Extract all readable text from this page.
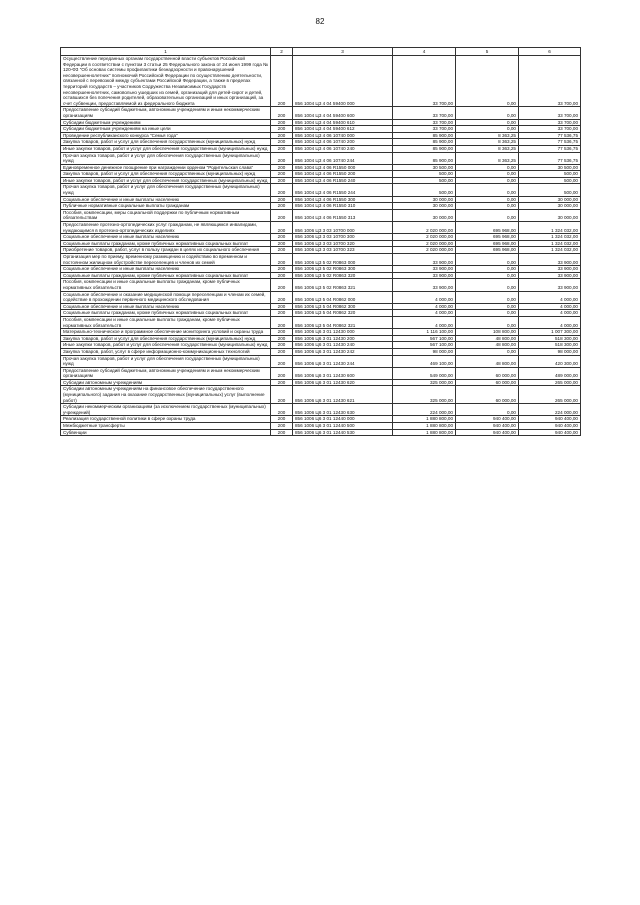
82
1	2	3	4	5	6
Осуществление переданных органам государственной власти субъектов Российской Федерации в соответствии с пунктом 3 статьи 25 Федерального закона от 24 июня 1999 года № 120-ФЗ "Об основах системы профилактики безнадзорности и правонарушений несовершеннолетних" полномочий Российской Федерации по осуществлению деятельности, связанной с перевозкой между субъектами Российской Федерации, а также в пределах территорий государств – участников Содружества Независимых Государств несовершеннолетних, самовольно ушедших из семей, организаций для детей-сирот и детей, оставшихся без попечения родителей, образовательных организаций и иных организаций, за счет субвенции, предоставляемой из федерального бюджета	200	856 1004 Ц3 4 04 59400 000	33 700,00	0,00	33 700,00
Предоставление субсидий бюджетным, автономным учреждениям и иным некоммерческим организациям	200	856 1004 Ц3 4 04 59400 600	33 700,00	0,00	33 700,00
Субсидии бюджетным учреждениям	200	856 1004 Ц3 4 04 59400 610	33 700,00	0,00	33 700,00
Субсидии бюджетным учреждениям на иные цели	200	856 1004 Ц3 4 04 59400 612	33 700,00	0,00	33 700,00
Проведение республиканского конкурса "Семья года"	200	856 1004 Ц3 4 06 10740 000	85 900,00	8 363,25	77 536,75
Закупка товаров, работ и услуг для обеспечения государственных (муниципальных) нужд	200	856 1004 Ц3 4 06 10740 200	85 900,00	8 363,25	77 536,75
Иные закупки товаров, работ и услуг для обеспечения государственных (муниципальных) нужд	200	856 1004 Ц3 4 06 10740 240	85 900,00	8 363,25	77 536,75
Прочая закупка товаров, работ и услуг для обеспечения государственных (муниципальных) нужд	200	856 1004 Ц3 4 06 10740 244	85 900,00	8 363,25	77 536,75
Единовременное денежное поощрение при награждении орденом "Родительская слава"	200	856 1004 Ц3 4 06 R1550 000	30 500,00	0,00	30 500,00
Закупка товаров, работ и услуг для обеспечения государственных (муниципальных) нужд	200	856 1004 Ц3 4 06 R1550 200	500,00	0,00	500,00
Иные закупки товаров, работ и услуг для обеспечения государственных (муниципальных) нужд	200	856 1004 Ц3 4 06 R1550 240	500,00	0,00	500,00
Прочая закупка товаров, работ и услуг для обеспечения государственных (муниципальных) нужд	200	856 1004 Ц3 4 06 R1550 244	500,00	0,00	500,00
Социальное обеспечение и иные выплаты населению	200	856 1004 Ц3 4 06 R1550 300	30 000,00	0,00	30 000,00
Публичные нормативные социальные выплаты гражданам	200	856 1004 Ц3 4 06 R1550 310	30 000,00	0,00	30 000,00
Пособия, компенсации, меры социальной поддержки по публичным нормативным обязательствам	200	856 1004 Ц3 4 06 R1550 313	30 000,00	0,00	30 000,00
Предоставление протезно-ортопедических услуг гражданам, не являющимся инвалидами, нуждающимся в протезно-ортопедических изделиях	200	856 1006 Ц3 3 03 10700 000	2 020 000,00	695 968,00	1 324 032,00
Социальное обеспечение и иные выплаты населению	200	856 1006 Ц3 3 03 10700 300	2 020 000,00	695 968,00	1 324 032,00
Социальные выплаты гражданам, кроме публичных нормативных социальных выплат	200	856 1006 Ц3 3 03 10700 320	2 020 000,00	695 968,00	1 324 032,00
Приобретение товаров, работ, услуг в пользу граждан в целях их социального обеспечения	200	856 1006 Ц3 3 03 10700 323	2 020 000,00	695 968,00	1 324 032,00
Организация мер по приему, временному размещению и содействию во временном и постоянном жилищном обустройстве переселенцев и членов их семей	200	856 1006 Ц3 5 02 R0863 000	33 900,00	0,00	33 900,00
Социальное обеспечение и иные выплаты населению	200	856 1006 Ц3 5 02 R0863 300	33 900,00	0,00	33 900,00
Социальные выплаты гражданам, кроме публичных нормативных социальных выплат	200	856 1006 Ц3 5 02 R0863 320	33 900,00	0,00	33 900,00
Пособия, компенсации и иные социальные выплаты гражданам, кроме публичных нормативных обязательств	200	856 1006 Ц3 5 02 R0863 321	33 900,00	0,00	33 900,00
Социальное обеспечение и оказание медицинской помощи переселенцам и членам их семей, содействие в прохождении первичного медицинского обследования	200	856 1006 Ц3 5 04 R0862 000	4 000,00	0,00	4 000,00
Социальное обеспечение и иные выплаты населению	200	856 1006 Ц3 5 04 R0862 300	4 000,00	0,00	4 000,00
Социальные выплаты гражданам, кроме публичных нормативных социальных выплат	200	856 1006 Ц3 5 04 R0862 320	4 000,00	0,00	4 000,00
Пособия, компенсации и иные социальные выплаты гражданам, кроме публичных нормативных обязательств	200	856 1006 Ц3 5 04 R0862 321	4 000,00	0,00	4 000,00
Материально-техническое и программное обеспечение мониторинга условий и охраны труда	200	856 1006 Ц6 3 01 12430 000	1 116 100,00	108 800,00	1 007 300,00
Закупка товаров, работ и услуг для обеспечения государственных (муниципальных) нужд	200	856 1006 Ц6 3 01 12430 200	567 100,00	48 800,00	518 300,00
Иные закупки товаров, работ и услуг для обеспечения государственных (муниципальных) нужд	200	856 1006 Ц6 3 01 12430 240	567 100,00	48 800,00	518 300,00
Закупка товаров, работ, услуг в сфере информационно-коммуникационных технологий	200	856 1006 Ц6 3 01 12430 242	98 000,00	0,00	98 000,00
Прочая закупка товаров, работ и услуг для обеспечения государственных (муниципальных) нужд	200	856 1006 Ц6 3 01 12430 244	469 100,00	48 800,00	420 300,00
Предоставление субсидий бюджетным, автономным учреждениям и иным некоммерческим организациям	200	856 1006 Ц6 3 01 12430 600	549 000,00	60 000,00	489 000,00
Субсидии автономным учреждениям	200	856 1006 Ц6 3 01 12430 620	325 000,00	60 000,00	265 000,00
Субсидии автономным учреждениям на финансовое обеспечение государственного (муниципального) задания на оказание государственных (муниципальных) услуг (выполнение работ)	200	856 1006 Ц6 3 01 12430 621	325 000,00	60 000,00	265 000,00
Субсидии некоммерческим организациям (за исключением государственных (муниципальных) учреждений)	200	856 1006 Ц6 3 01 12430 630	224 000,00	0,00	224 000,00
Реализация государственной политики в сфере охраны труда	200	856 1006 Ц6 3 01 12440 000	1 880 800,00	940 400,00	940 400,00
Межбюджетные трансферты	200	856 1006 Ц6 3 01 12440 500	1 880 800,00	940 400,00	940 400,00
Субвенции	200	856 1006 Ц6 3 01 12440 530	1 880 800,00	940 400,00	940 400,00
